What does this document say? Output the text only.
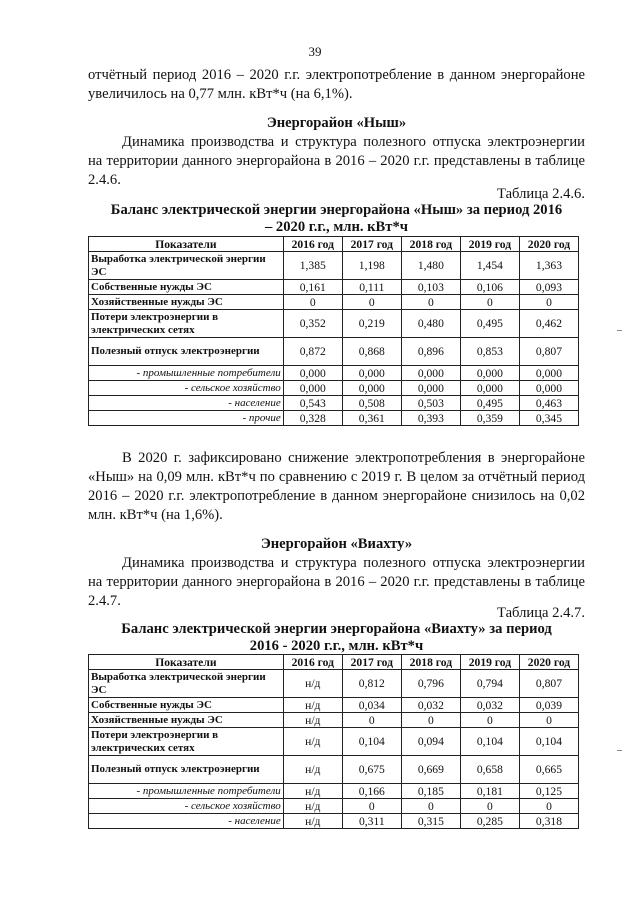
39
отчётный период 2016 – 2020 г.г. электропотребление в данном энергорайоне увеличилось на 0,77 млн. кВт*ч (на 6,1%).
Энергорайон «Ныш»
Динамика производства и структура полезного отпуска электроэнергии на территории данного энергорайона в 2016 – 2020 г.г. представлены в таблице 2.4.6.
Таблица 2.4.6.
Баланс электрической энергии энергорайона «Ныш» за период 2016
– 2020 г.г., млн. кВт*ч
Показатели	2016 год	2017 год	2018 год	2019 год	2020 год
Выработка электрической энергии ЭС	1,385	1,198	1,480	1,454	1,363
Собственные нужды ЭС	0,161	0,111	0,103	0,106	0,093
Хозяйственные нужды ЭС	0	0	0	0	0
Потери электроэнергии в электрических сетях	0,352	0,219	0,480	0,495	0,462
Полезный отпуск электроэнергии	0,872	0,868	0,896	0,853	0,807
- промышленные потребители	0,000	0,000	0,000	0,000	0,000
- сельское хозяйство	0,000	0,000	0,000	0,000	0,000
- население	0,543	0,508	0,503	0,495	0,463
- прочие	0,328	0,361	0,393	0,359	0,345
В 2020 г. зафиксировано снижение электропотребления в энергорайоне «Ныш» на 0,09 млн. кВт*ч по сравнению с 2019 г. В целом за отчётный период 2016 – 2020 г.г. электропотребление в данном энергорайоне снизилось на 0,02 млн. кВт*ч (на 1,6%).
Энергорайон «Виахту»
Динамика производства и структура полезного отпуска электроэнергии на территории данного энергорайона в 2016 – 2020 г.г. представлены в таблице 2.4.7.
Таблица 2.4.7.
Баланс электрической энергии энергорайона «Виахту» за период
2016 - 2020 г.г., млн. кВт*ч
Показатели	2016 год	2017 год	2018 год	2019 год	2020 год
Выработка электрической энергии ЭС	н/д	0,812	0,796	0,794	0,807
Собственные нужды ЭС	н/д	0,034	0,032	0,032	0,039
Хозяйственные нужды ЭС	н/д	0	0	0	0
Потери электроэнергии в электрических сетях	н/д	0,104	0,094	0,104	0,104
Полезный отпуск электроэнергии	н/д	0,675	0,669	0,658	0,665
- промышленные потребители	н/д	0,166	0,185	0,181	0,125
- сельское хозяйство	н/д	0	0	0	0
- население	н/д	0,311	0,315	0,285	0,318
